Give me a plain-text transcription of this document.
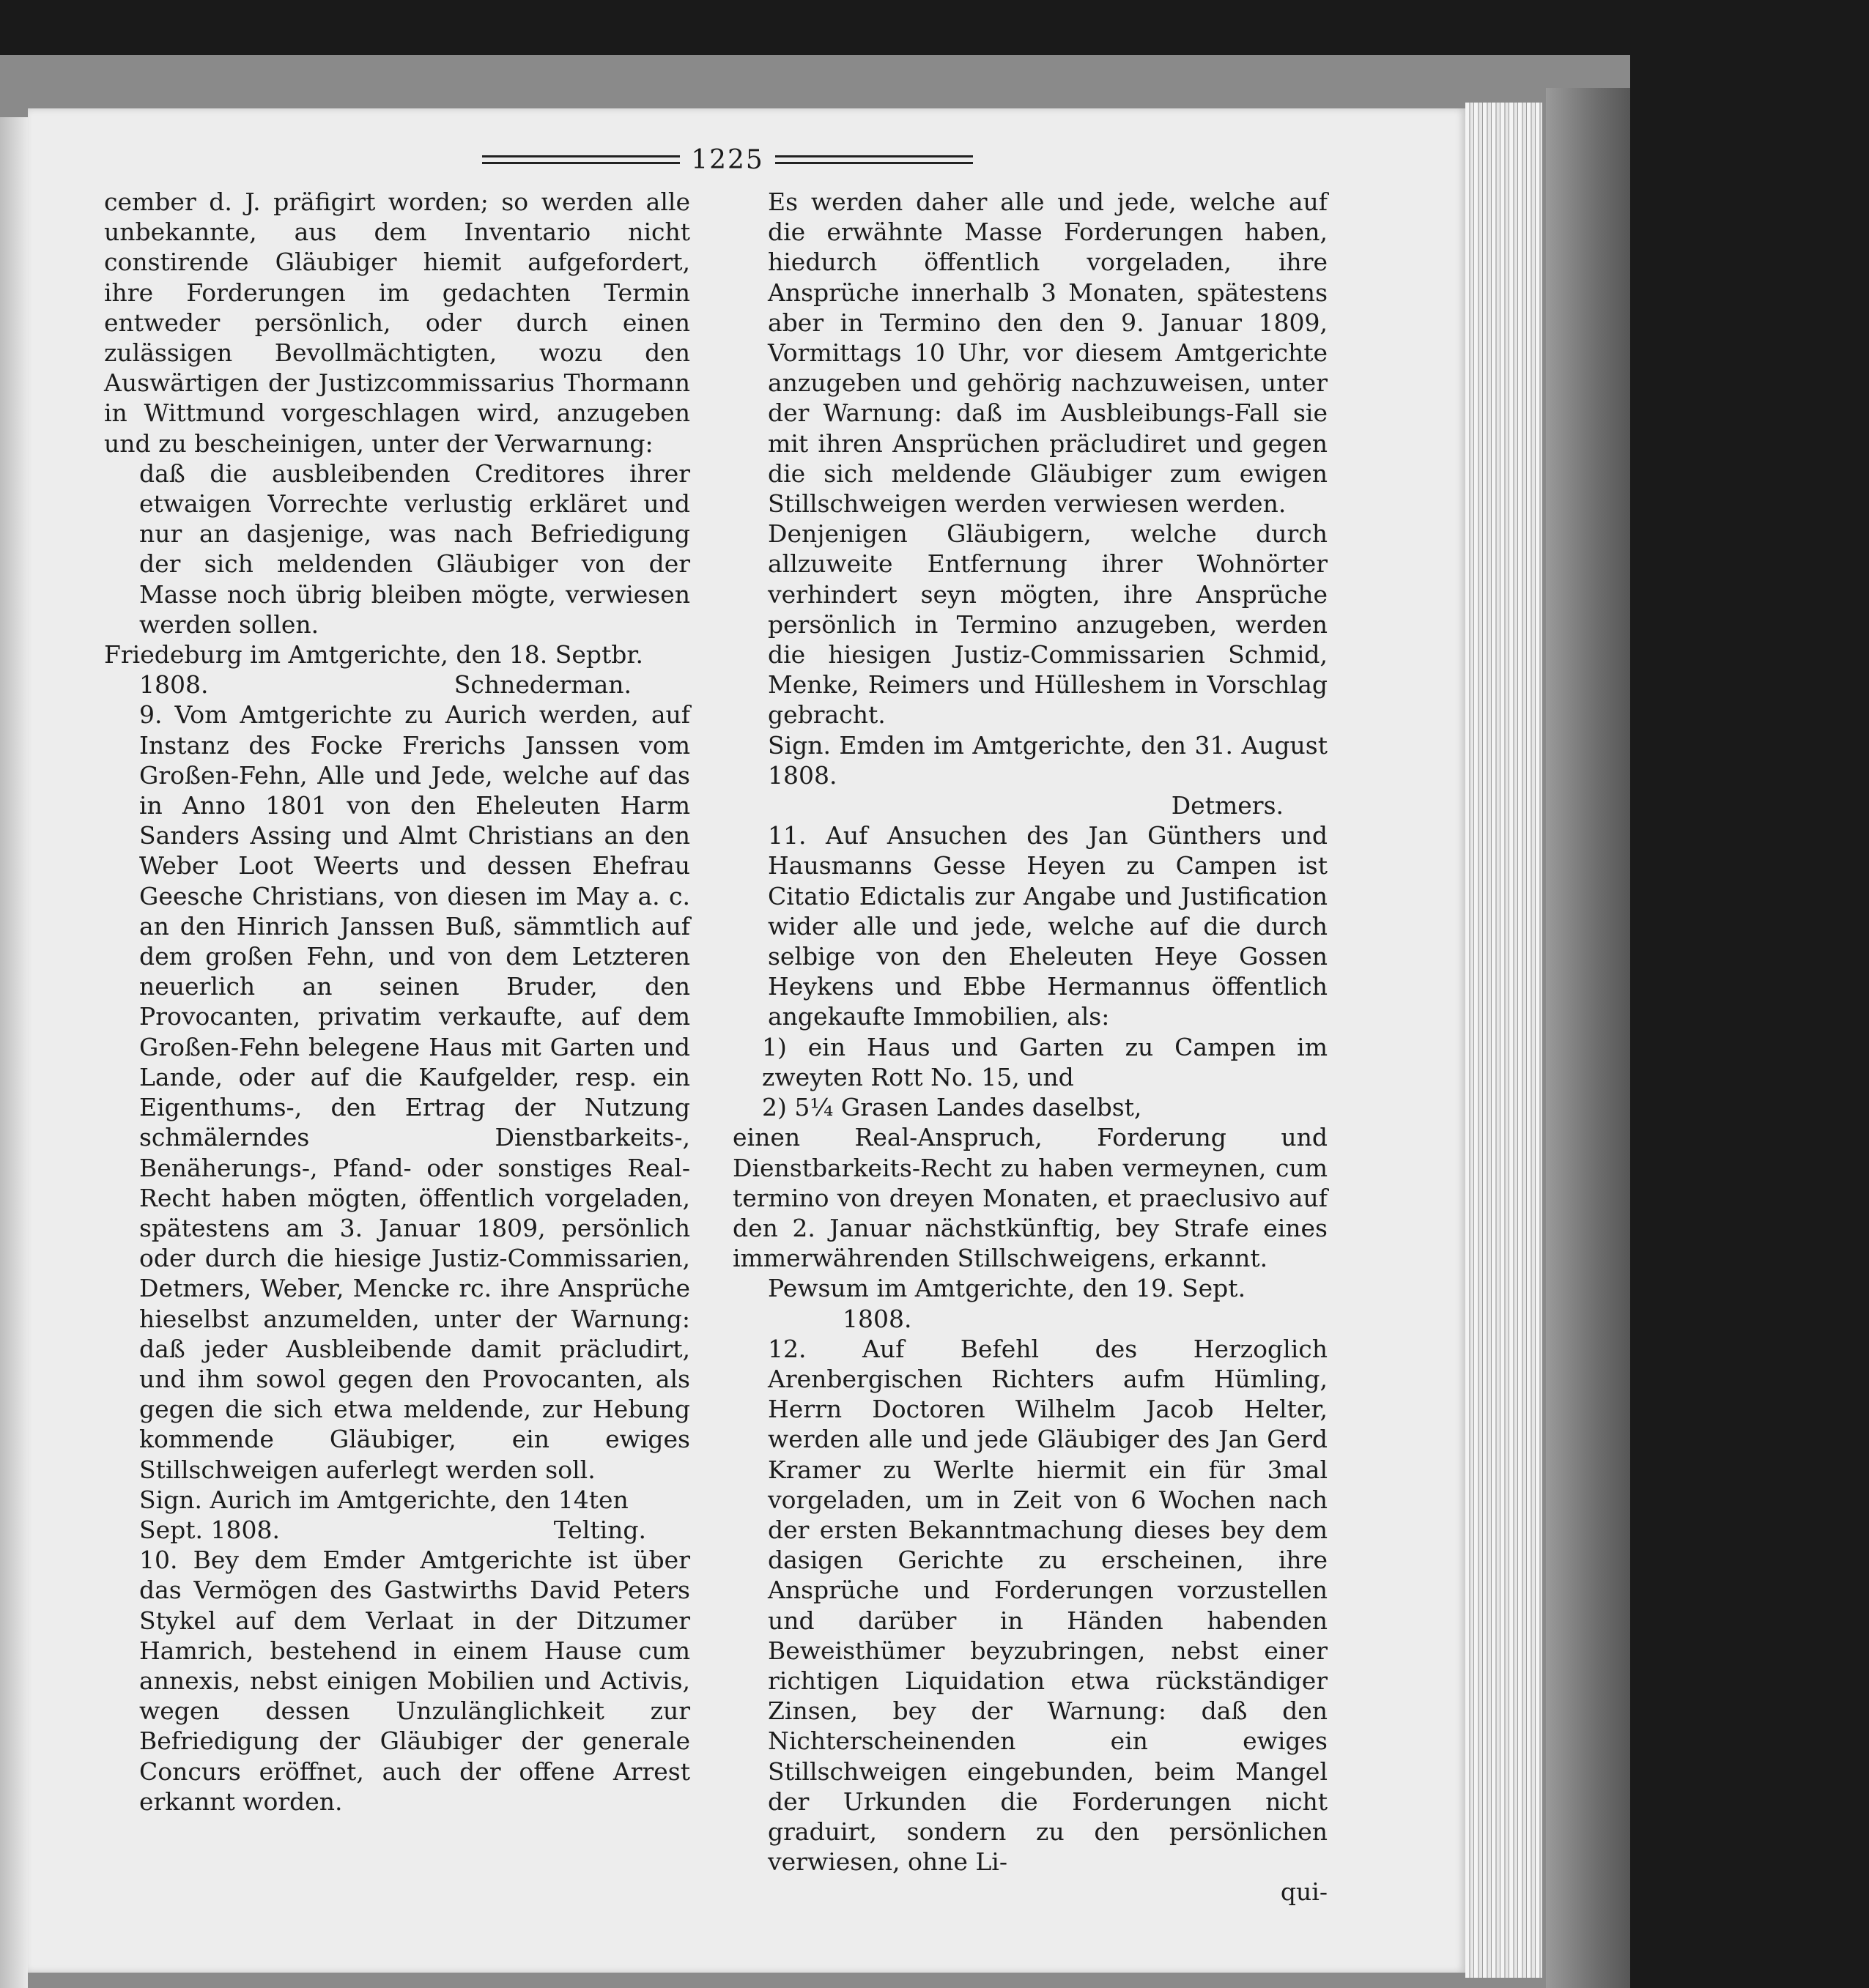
1225

cember d. J. präfigirt worden; so werden alle unbekannte, aus dem Inventario nicht constirende Gläubiger hiemit aufgefordert, ihre Forderungen im gedachten Termin entweder persönlich, oder durch einen zulässigen Bevollmächtigten, wozu den Auswärtigen der Justizcommissarius Thormann in Wittmund vorgeschlagen wird, anzugeben und zu bescheinigen, unter der Verwarnung:

daß die ausbleibenden Creditores ihrer etwaigen Vorrechte verlustig erkläret und nur an dasjenige, was nach Befriedigung der sich meldenden Gläubiger von der Masse noch übrig bleiben mögte, verwiesen werden sollen.

Friedeburg im Amtgerichte, den 18. Septbr.

1808.	Schnederman.

9. Vom Amtgerichte zu Aurich werden, auf Instanz des Focke Frerichs Janssen vom Großen-Fehn, Alle und Jede, welche auf das in Anno 1801 von den Eheleuten Harm Sanders Assing und Almt Christians an den Weber Loot Weerts und dessen Ehefrau Geesche Christians, von diesen im May a. c. an den Hinrich Janssen Buß, sämmtlich auf dem großen Fehn, und von dem Letzteren neuerlich an seinen Bruder, den Provocanten, privatim verkaufte, auf dem Großen-Fehn belegene Haus mit Garten und Lande, oder auf die Kaufgelder, resp. ein Eigenthums-, den Ertrag der Nutzung schmälerndes Dienstbarkeits-, Benäherungs-, Pfand- oder sonstiges Real-Recht haben mögten, öffentlich vorgeladen, spätestens am 3. Januar 1809, persönlich oder durch die hiesige Justiz-Commissarien, Detmers, Weber, Mencke rc. ihre Ansprüche hieselbst anzumelden, unter der Warnung: daß jeder Ausbleibende damit präcludirt, und ihm sowol gegen den Provocanten, als gegen die sich etwa meldende, zur Hebung kommende Gläubiger, ein ewiges Stillschweigen auferlegt werden soll.

Sign. Aurich im Amtgerichte, den 14ten

Sept. 1808.	Telting.

10. Bey dem Emder Amtgerichte ist über das Vermögen des Gastwirths David Peters Stykel auf dem Verlaat in der Ditzumer Hamrich, bestehend in einem Hause cum annexis, nebst einigen Mobilien und Activis, wegen dessen Unzulänglichkeit zur Befriedigung der Gläubiger der generale Concurs eröffnet, auch der offene Arrest erkannt worden.

Es werden daher alle und jede, welche auf die erwähnte Masse Forderungen haben, hiedurch öffentlich vorgeladen, ihre Ansprüche innerhalb 3 Monaten, spätestens aber in Termino den den 9. Januar 1809, Vormittags 10 Uhr, vor diesem Amtgerichte anzugeben und gehörig nachzuweisen, unter der Warnung: daß im Ausbleibungs-Fall sie mit ihren Ansprüchen präcludiret und gegen die sich meldende Gläubiger zum ewigen Stillschweigen werden verwiesen werden.

Denjenigen Gläubigern, welche durch allzuweite Entfernung ihrer Wohnörter verhindert seyn mögten, ihre Ansprüche persönlich in Termino anzugeben, werden die hiesigen Justiz-Commissarien Schmid, Menke, Reimers und Hülleshem in Vorschlag gebracht.

Sign. Emden im Amtgerichte, den 31. August 1808.

Detmers.

11. Auf Ansuchen des Jan Günthers und Hausmanns Gesse Heyen zu Campen ist Citatio Edictalis zur Angabe und Justification wider alle und jede, welche auf die durch selbige von den Eheleuten Heye Gossen Heykens und Ebbe Hermannus öffentlich angekaufte Immobilien, als:

1) ein Haus und Garten zu Campen im zweyten Rott No. 15, und

2) 5¼ Grasen Landes daselbst,

einen Real-Anspruch, Forderung und Dienstbarkeits-Recht zu haben vermeynen, cum termino von dreyen Monaten, et praeclusivo auf den 2. Januar nächstkünftig, bey Strafe eines immerwährenden Stillschweigens, erkannt.

Pewsum im Amtgerichte, den 19. Sept.

1808.

12. Auf Befehl des Herzoglich Arenbergischen Richters aufm Hümling, Herrn Doctoren Wilhelm Jacob Helter, werden alle und jede Gläubiger des Jan Gerd Kramer zu Werlte hiermit ein für 3mal vorgeladen, um in Zeit von 6 Wochen nach der ersten Bekanntmachung dieses bey dem dasigen Gerichte zu erscheinen, ihre Ansprüche und Forderungen vorzustellen und darüber in Händen habenden Beweisthümer beyzubringen, nebst einer richtigen Liquidation etwa rückständiger Zinsen, bey der Warnung: daß den Nichterscheinenden ein ewiges Stillschweigen eingebunden, beim Mangel der Urkunden die Forderungen nicht graduirt, sondern zu den persönlichen verwiesen, ohne Li-

qui-
